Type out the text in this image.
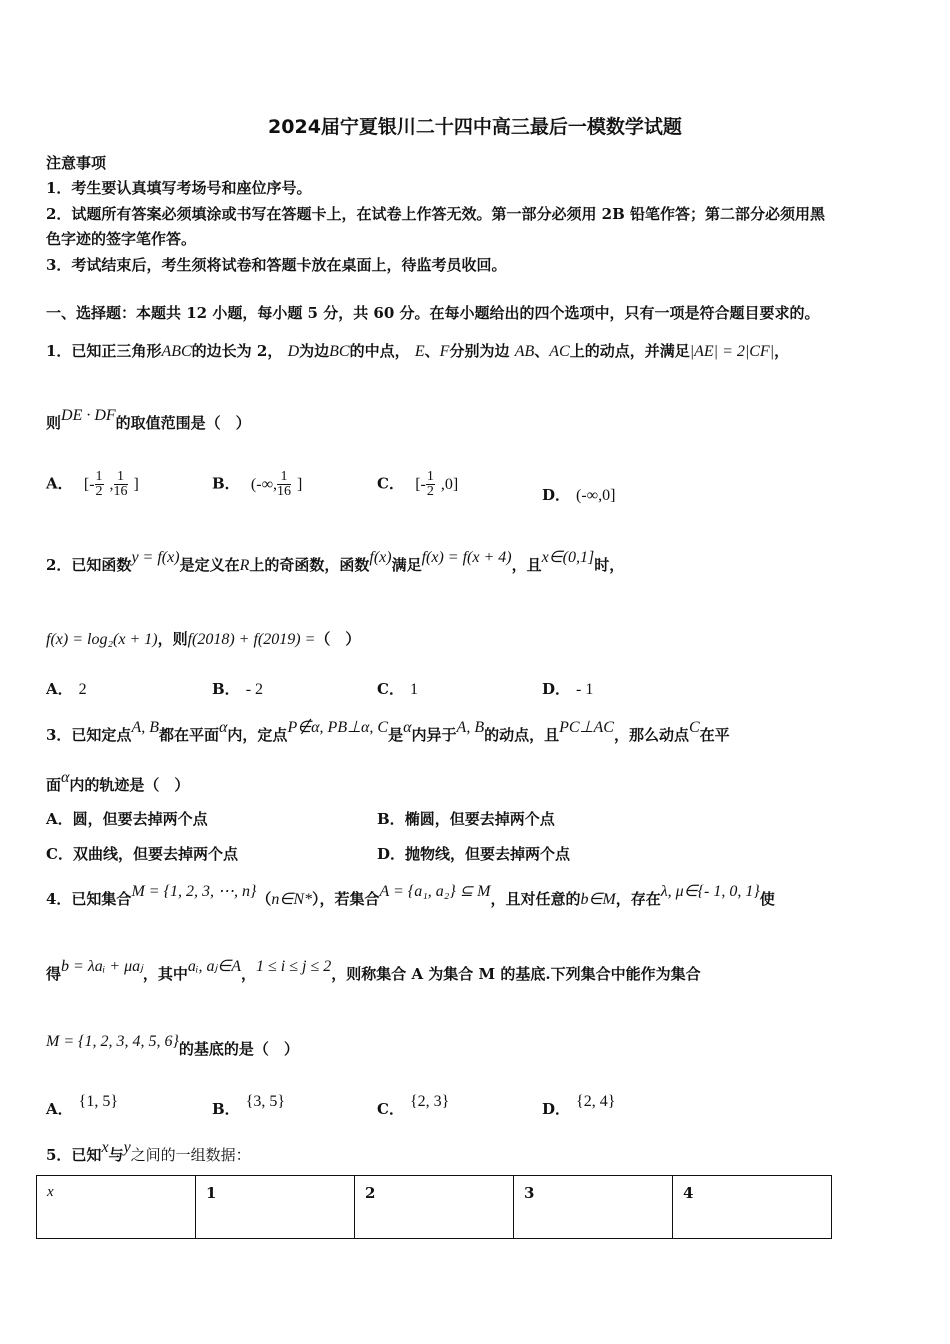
2024届宁夏银川二十四中高三最后一模数学试题
注意事项
1．考生要认真填写考场号和座位序号。
2．试题所有答案必须填涂或书写在答题卡上，在试卷上作答无效。第一部分必须用 2B 铅笔作答；第二部分必须用黑
色字迹的签字笔作答。
3．考试结束后，考生须将试卷和答题卡放在桌面上，待监考员收回。
一、选择题：本题共 12 小题，每小题 5 分，共 60 分。在每小题给出的四个选项中，只有一项是符合题目要求的。
1．已知正三角形ABC的边长为 2， D为边BC的中点， E、F分别为边 AB、AC上的动点，并满足|AE| = 2|CF|，
则DE · DF的取值范围是（　）
A． [- $\frac{1}{2}$ , $\frac{1}{16}$ ]	B． (-∞, $\frac{1}{16}$ ]	C． [- $\frac{1}{2} ,0$]
D． (-∞,0]
2．已知函数y = f(x)是定义在R上的奇函数，函数f(x)满足f(x) = f(x + 4)，且x∈(0,1]时，
f(x) = log₂(x + 1)，则f(2018) + f(2019) =（　）
A． 2	B． - 2	C． 1	D． - 1
3．已知定点A, B都在平面α内，定点P∉α, PB⊥α, C是α内异于A, B的动点，且PC⊥AC，那么动点C在平
面α内的轨迹是（　）
A．圆，但要去掉两个点	B．椭圆，但要去掉两个点
C．双曲线，但要去掉两个点	D．抛物线，但要去掉两个点
4．已知集合M = {1, 2, 3, ⋯, n}（n∈N*），若集合A = {a₁, a₂} ⊆ M，且对任意的b∈M，存在λ, μ∈{- 1, 0, 1}使
得b = λaᵢ + μaⱼ，其中aᵢ, aⱼ∈A，1 ≤ i ≤ j ≤ 2，则称集合 A 为集合 M 的基底.下列集合中能作为集合
M = {1, 2, 3, 4, 5, 6}的基底的是（　）
A． {1, 5}	B． {3, 5}	C． {2, 3}	D． {2, 4}
5．已知x与y之间的一组数据：
x	1	2	3	4
